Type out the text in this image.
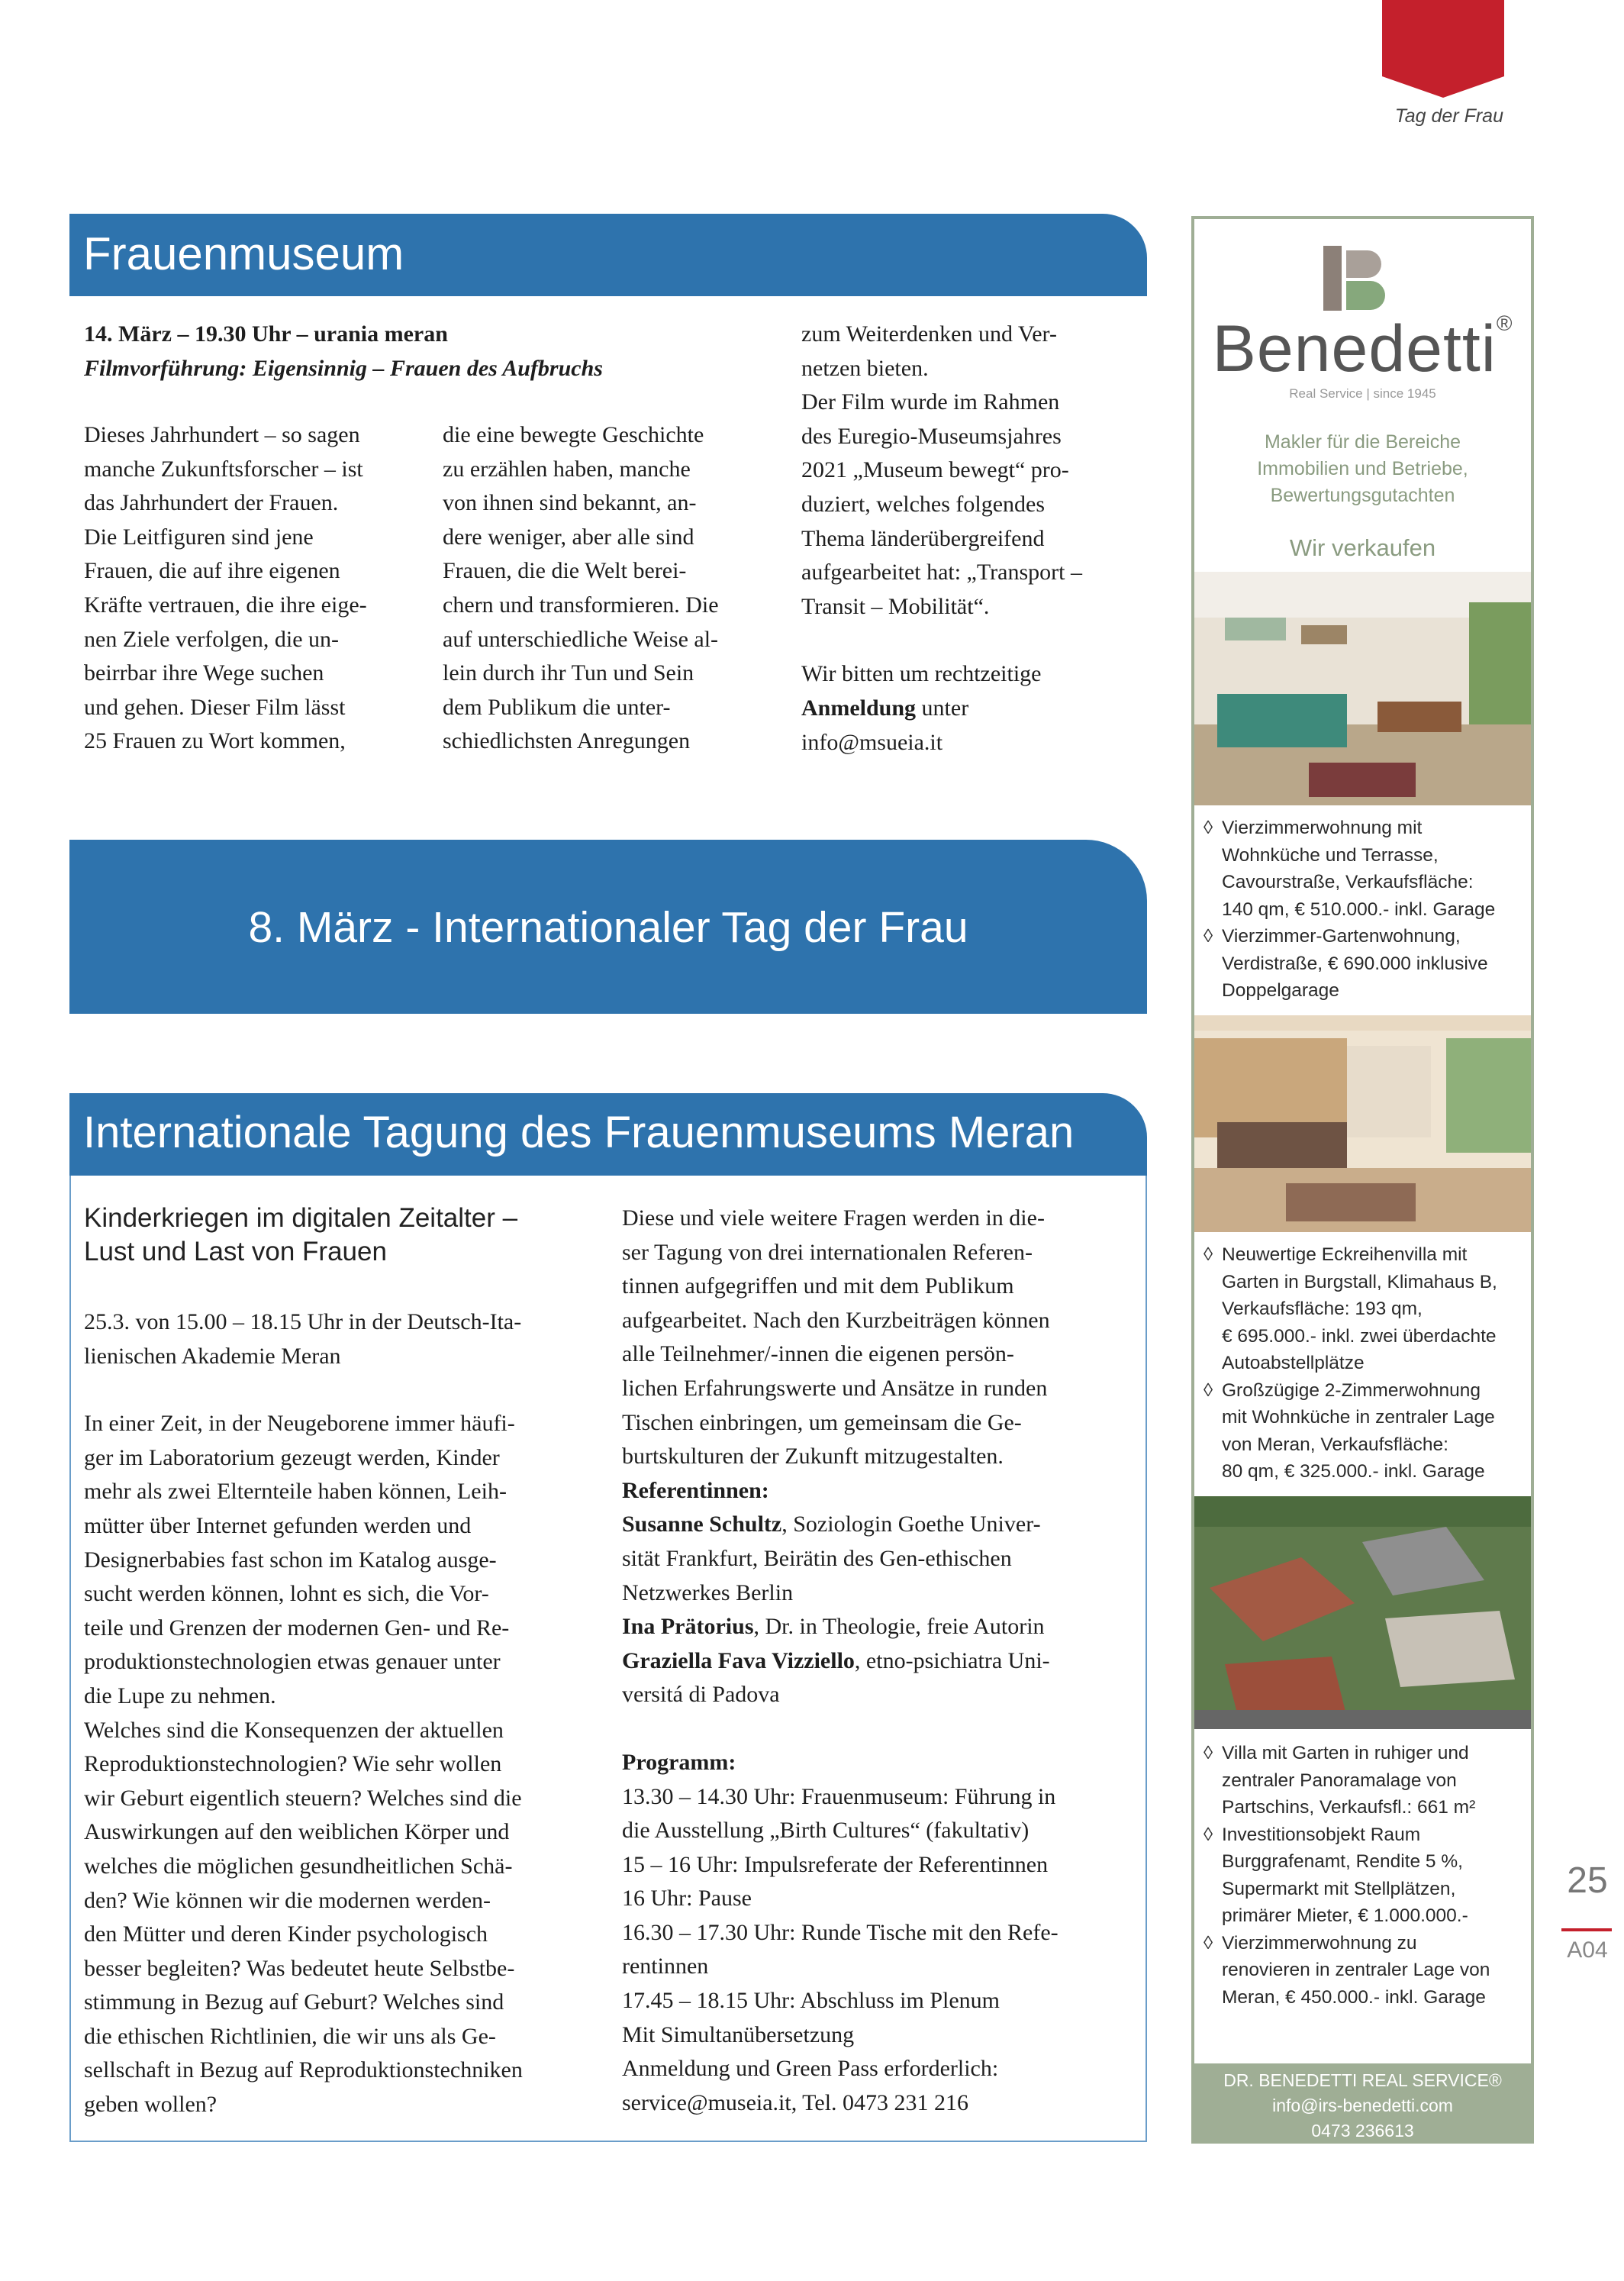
Tag der Frau
Frauenmuseum

14. März – 19.30 Uhr – urania meran

Filmvorführung: Eigensinnig – Frauen des Aufbruchs

Dieses Jahrhundert – so sagen
manche Zukunftsforscher – ist
das Jahrhundert der Frauen.
Die Leitfiguren sind jene
Frauen, die auf ihre eigenen
Kräfte vertrauen, die ihre eige-
nen Ziele verfolgen, die un-
beirrbar ihre Wege suchen
und gehen. Dieser Film lässt
25 Frauen zu Wort kommen,
die eine bewegte Geschichte
zu erzählen haben, manche
von ihnen sind bekannt, an-
dere weniger, aber alle sind
Frauen, die die Welt berei-
chern und transformieren. Die
auf unterschiedliche Weise al-
lein durch ihr Tun und Sein
dem Publikum die unter-
schiedlichsten Anregungen
zum Weiterdenken und Ver-
netzen bieten.
Der Film wurde im Rahmen
des Euregio-Museumsjahres
2021 „Museum bewegt“ pro-
duziert, welches folgendes
Thema länderübergreifend
aufgearbeitet hat: „Transport –
Transit – Mobilität“.

Wir bitten um rechtzeitige

Anmeldung unter

info@msueia.it

8. März - Internationaler Tag der Frau
Internationale Tagung des Frauenmuseums Meran
Kinderkriegen im digitalen Zeitalter –
Lust und Last von Frauen
25.3. von 15.00 – 18.15 Uhr in der Deutsch-Ita-
lienischen Akademie Meran
In einer Zeit, in der Neugeborene immer häufi-
ger im Laboratorium gezeugt werden, Kinder
mehr als zwei Elternteile haben können, Leih-
mütter über Internet gefunden werden und
Designerbabies fast schon im Katalog ausge-
sucht werden können, lohnt es sich, die Vor-
teile und Grenzen der modernen Gen- und Re-
produktionstechnologien etwas genauer unter
die Lupe zu nehmen.
Welches sind die Konsequenzen der aktuellen
Reproduktionstechnologien? Wie sehr wollen
wir Geburt eigentlich steuern? Welches sind die
Auswirkungen auf den weiblichen Körper und
welches die möglichen gesundheitlichen Schä-
den? Wie können wir die modernen werden-
den Mütter und deren Kinder psychologisch
besser begleiten? Was bedeutet heute Selbstbe-
stimmung in Bezug auf Geburt? Welches sind
die ethischen Richtlinien, die wir uns als Ge-
sellschaft in Bezug auf Reproduktionstechniken
geben wollen?
Diese und viele weitere Fragen werden in die-
ser Tagung von drei internationalen Referen-
tinnen aufgegriffen und mit dem Publikum
aufgearbeitet. Nach den Kurzbeiträgen können
alle Teilnehmer/-innen die eigenen persön-
lichen Erfahrungswerte und Ansätze in runden
Tischen einbringen, um gemeinsam die Ge-
burtskulturen der Zukunft mitzugestalten.

Referentinnen:

Susanne Schultz, Soziologin Goethe Univer-

sität Frankfurt, Beirätin des Gen-ethischen

Netzwerkes Berlin

Ina Prätorius, Dr. in Theologie, freie Autorin

Graziella Fava Vizziello, etno-psichiatra Uni-

versitá di Padova

Programm:

13.30 – 14.30 Uhr: Frauenmuseum: Führung in
die Ausstellung „Birth Cultures“ (fakultativ)
15 – 16 Uhr: Impulsreferate der Referentinnen
16 Uhr: Pause
16.30 – 17.30 Uhr: Runde Tische mit den Refe-
rentinnen
17.45 – 18.15 Uhr: Abschluss im Plenum
Mit Simultanübersetzung
Anmeldung und Green Pass erforderlich:
service@museia.it, Tel. 0473 231 216
Benedetti®
Real Service | since 1945
Makler für die Bereiche
Immobilien und Betriebe,
Bewertungsgutachten
Wir verkaufen
◊ Vierzimmerwohnung mit
Wohnküche und Terrasse,
Cavourstraße, Verkaufsfläche:
140 qm, € 510.000.- inkl. Garage
◊ Vierzimmer-Gartenwohnung,
Verdistraße, € 690.000 inklusive
Doppelgarage
◊ Neuwertige Eckreihenvilla mit
Garten in Burgstall, Klimahaus B,
Verkaufsfläche: 193 qm,
€ 695.000.- inkl. zwei überdachte
Autoabstellplätze
◊ Großzügige 2-Zimmerwohnung
mit Wohnküche in zentraler Lage
von Meran, Verkaufsfläche:
80 qm, € 325.000.- inkl. Garage
◊ Villa mit Garten in ruhiger und
zentraler Panoramalage von
Partschins, Verkaufsfl.: 661 m²
◊ Investitionsobjekt Raum
Burggrafenamt, Rendite 5 %,
Supermarkt mit Stellplätzen,
primärer Mieter, € 1.000.000.-
◊ Vierzimmerwohnung zu
renovieren in zentraler Lage von
Meran, € 450.000.- inkl. Garage
DR. BENEDETTI REAL SERVICE®
info@irs-benedetti.com
0473 236613
25
A04
